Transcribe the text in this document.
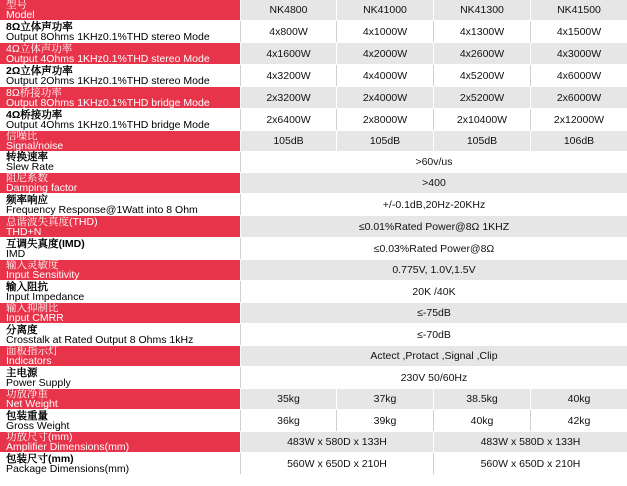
型号
Model	NK4800	NK41000	NK41300	NK41500
8Ω立体声功率
Output 8Ohms 1KHz0.1%THD stereo Mode	4x800W	4x1000W	4x1300W	4x1500W
4Ω立体声功率
Output 4Ohms 1KHz0.1%THD stereo Mode	4x1600W	4x2000W	4x2600W	4x3000W
2Ω立体声功率
Output 2Ohms 1KHz0.1%THD stereo Mode	4x3200W	4x4000W	4x5200W	4x6000W
8Ω桥接功率
Output 8Ohms 1KHz0.1%THD bridge Mode	2x3200W	2x4000W	2x5200W	2x6000W
4Ω桥接功率
Output 4Ohms 1KHz0.1%THD bridge Mode	2x6400W	2x8000W	2x10400W	2x12000W
信噪比
Signal/noise	105dB	105dB	105dB	106dB
转换速率
Slew Rate	>60v/us
阻尼系数
Damping factor	>400
频率响应
Frequency Response@1Watt into 8 Ohm	+/-0.1dB,20Hz-20KHz
总谐波失真度(THD)
THD+N	≤0.01%Rated Power@8Ω 1KHZ
互调失真度(IMD)
IMD	≤0.03%Rated Power@8Ω
输入灵敏度
Input Sensitivity	0.775V, 1.0V,1.5V
输入阻抗
Input Impedance	20K /40K
输入抑制比
Input CMRR	≤-75dB
分离度
Crosstalk at Rated Output 8 Ohms 1kHz	≤-70dB
面板指示灯
Indicators	Actect ,Protact ,Signal ,Clip
主电源
Power Supply	230V 50/60Hz
功放净重
Net Weight	35kg	37kg	38.5kg	40kg
包装重量
Gross Weight	36kg	39kg	40kg	42kg
功放尺寸(mm)
Amplifier Dimensions(mm)	483W x 580D x 133H	483W x 580D x 133H
包装尺寸(mm)
Package Dimensions(mm)	560W x 650D x 210H	560W x 650D x 210H
